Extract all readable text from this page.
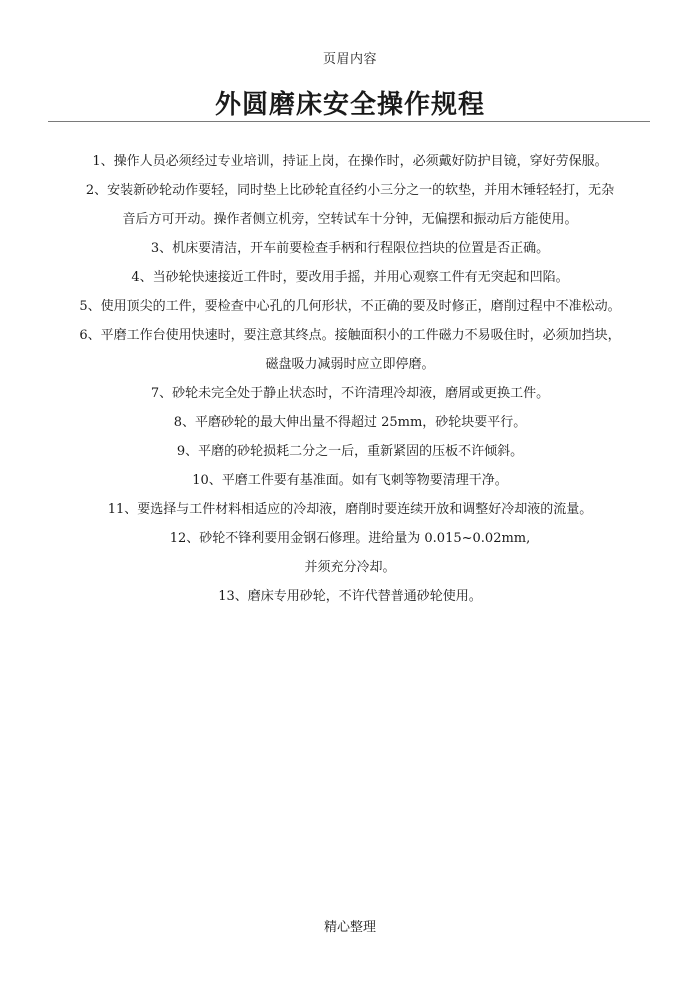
页眉内容
外圆磨床安全操作规程
1、操作人员必须经过专业培训，持证上岗，在操作时，必须戴好防护目镜，穿好劳保服。
2、安装新砂轮动作要轻，同时垫上比砂轮直径约小三分之一的软垫，并用木锤轻轻打，无杂
音后方可开动。操作者侧立机旁，空转试车十分钟，无偏摆和振动后方能使用。
3、机床要清洁，开车前要检查手柄和行程限位挡块的位置是否正确。
4、当砂轮快速接近工件时，要改用手摇，并用心观察工件有无突起和凹陷。
5、使用顶尖的工件，要检查中心孔的几何形状，不正确的要及时修正，磨削过程中不准松动。
6、平磨工作台使用快速时，要注意其终点。接触面积小的工件磁力不易吸住时，必须加挡块，
磁盘吸力减弱时应立即停磨。
7、砂轮未完全处于静止状态时，不许清理冷却液，磨屑或更换工件。
8、平磨砂轮的最大伸出量不得超过 25mm，砂轮块要平行。
9、平磨的砂轮损耗二分之一后，重新紧固的压板不许倾斜。
10、平磨工件要有基准面。如有飞刺等物要清理干净。
11、要选择与工件材料相适应的冷却液，磨削时要连续开放和调整好冷却液的流量。
12、砂轮不锋利要用金钢石修理。进给量为 0.015~0.02mm,
并须充分冷却。
13、磨床专用砂轮，不许代替普通砂轮使用。
精心整理
